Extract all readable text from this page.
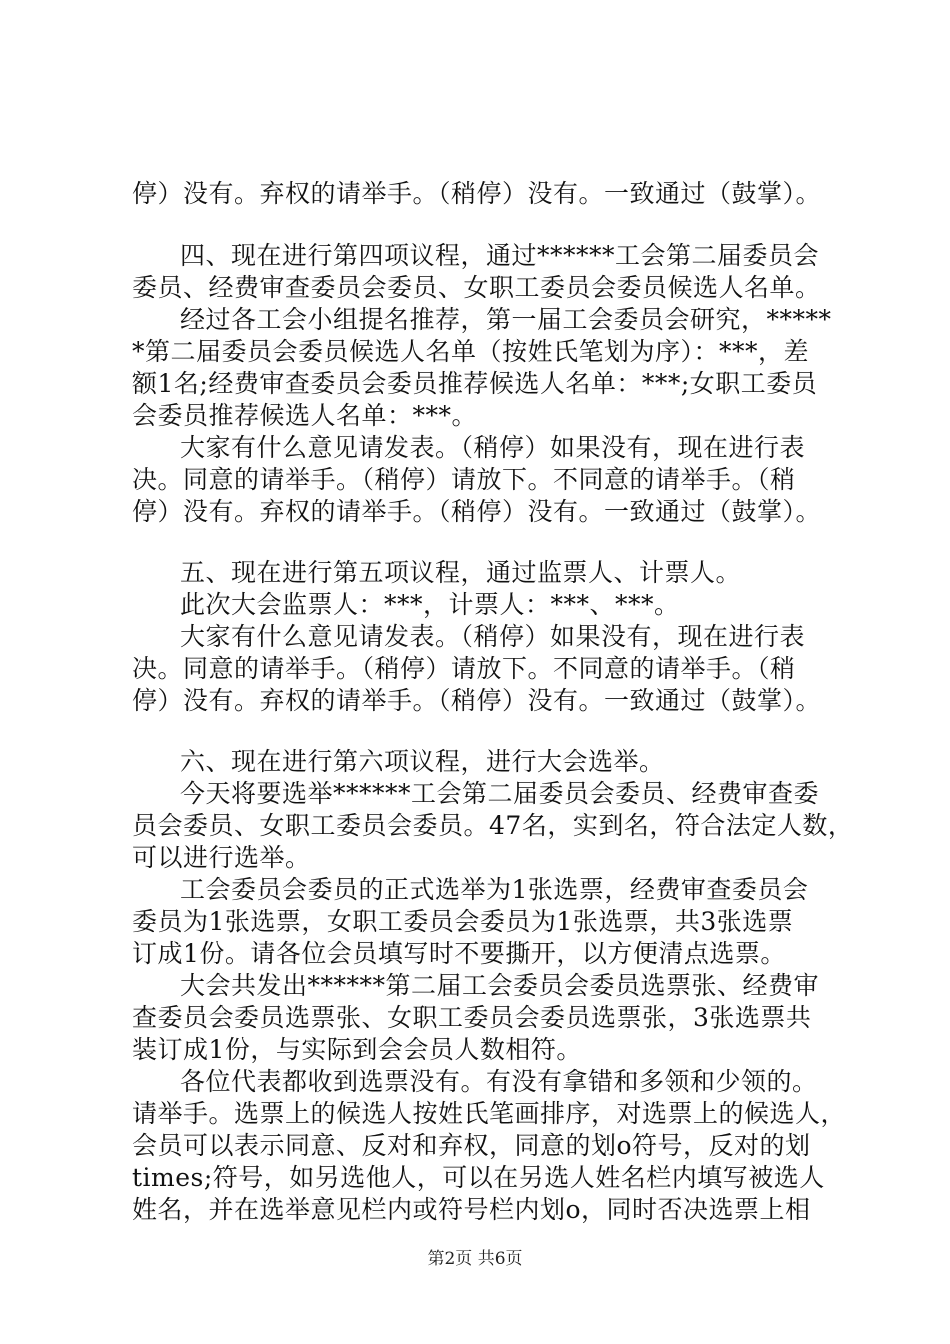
停）没有。弃权的请举手。（稍停）没有。一致通过（鼓掌）。
四、现在进行第四项议程，通过******工会第二届委员会
委员、经费审查委员会委员、女职工委员会委员候选人名单。
经过各工会小组提名推荐，第一届工会委员会研究，*****
*第二届委员会委员候选人名单（按姓氏笔划为序）：***，差
额1名;经费审查委员会委员推荐候选人名单：***;女职工委员
会委员推荐候选人名单：***。
大家有什么意见请发表。（稍停）如果没有，现在进行表
决。同意的请举手。（稍停）请放下。不同意的请举手。（稍
停）没有。弃权的请举手。（稍停）没有。一致通过（鼓掌）。
五、现在进行第五项议程，通过监票人、计票人。
此次大会监票人：***，计票人：***、***。
大家有什么意见请发表。（稍停）如果没有，现在进行表
决。同意的请举手。（稍停）请放下。不同意的请举手。（稍
停）没有。弃权的请举手。（稍停）没有。一致通过（鼓掌）。
六、现在进行第六项议程，进行大会选举。
今天将要选举******工会第二届委员会委员、经费审查委
员会委员、女职工委员会委员。47名，实到名，符合法定人数，
可以进行选举。
工会委员会委员的正式选举为1张选票，经费审查委员会
委员为1张选票，女职工委员会委员为1张选票，共3张选票
订成1份。请各位会员填写时不要撕开，以方便清点选票。
大会共发出******第二届工会委员会委员选票张、经费审
查委员会委员选票张、女职工委员会委员选票张，3张选票共
装订成1份，与实际到会会员人数相符。
各位代表都收到选票没有。有没有拿错和多领和少领的。
请举手。选票上的候选人按姓氏笔画排序，对选票上的候选人，
会员可以表示同意、反对和弃权，同意的划o符号，反对的划
times;符号，如另选他人，可以在另选人姓名栏内填写被选人
姓名，并在选举意见栏内或符号栏内划o，同时否决选票上相
第2页 共6页
